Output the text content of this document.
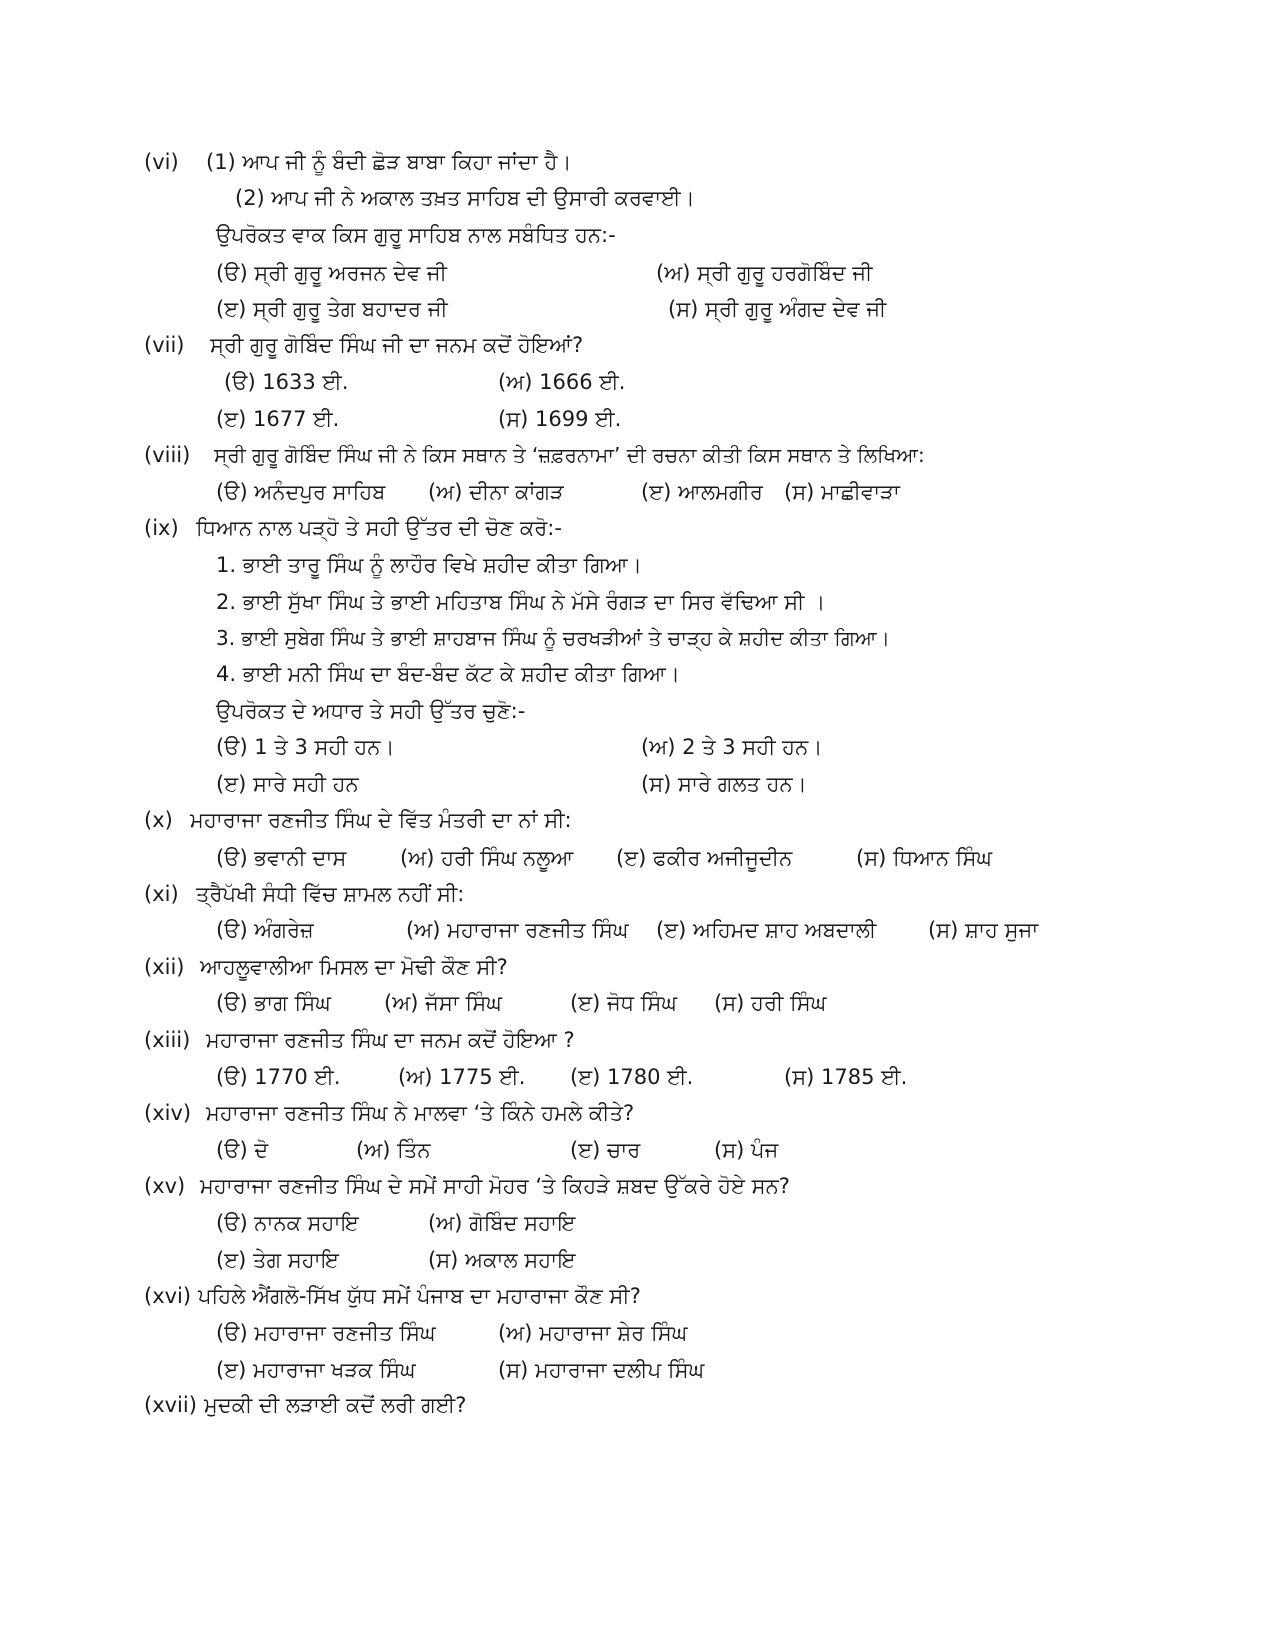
(vi) (1) ਆਪ ਜੀ ਨੂੰ ਬੰਦੀ ਛੋੜ ਬਾਬਾ ਕਿਹਾ ਜਾਂਦਾ ਹੈ।
(2) ਆਪ ਜੀ ਨੇ ਅਕਾਲ ਤਖ਼ਤ ਸਾਹਿਬ ਦੀ ਉਸਾਰੀ ਕਰਵਾਈ।
ਉਪਰੋਕਤ ਵਾਕ ਕਿਸ ਗੁਰੂ ਸਾਹਿਬ ਨਾਲ ਸਬੰਧਿਤ ਹਨ:-
(ੳ) ਸ੍ਰੀ ਗੁਰੂ ਅਰਜਨ ਦੇਵ ਜੀ	(ਅ) ਸ੍ਰੀ ਗੁਰੂ ਹਰਗੋਬਿੰਦ ਜੀ
(ੲ) ਸ੍ਰੀ ਗੁਰੂ ਤੇਗ ਬਹਾਦਰ ਜੀ	(ਸ) ਸ੍ਰੀ ਗੁਰੂ ਅੰਗਦ ਦੇਵ ਜੀ
(vii) ਸ੍ਰੀ ਗੁਰੂ ਗੋਬਿੰਦ ਸਿੰਘ ਜੀ ਦਾ ਜਨਮ ਕਦੋਂ ਹੋਇਆਂ?
(ੳ) 1633 ਈ.	(ਅ) 1666 ਈ.
(ੲ) 1677 ਈ.	(ਸ) 1699 ਈ.
(viii) ਸ੍ਰੀ ਗੁਰੂ ਗੋਬਿੰਦ ਸਿੰਘ ਜੀ ਨੇ ਕਿਸ ਸਥਾਨ ਤੇ ‘ਜ਼ਫ਼ਰਨਾਮਾ’ ਦੀ ਰਚਨਾ ਕੀਤੀ ਕਿਸ ਸਥਾਨ ਤੇ ਲਿਖਿਆ:
(ੳ) ਅਨੰਦਪੁਰ ਸਾਹਿਬ (ਅ) ਦੀਨਾ ਕਾਂਗੜ	(ੲ) ਆਲਮਗੀਰ (ਸ) ਮਾਛੀਵਾੜਾ
(ix) ਧਿਆਨ ਨਾਲ ਪੜ੍ਹੋ ਤੇ ਸਹੀ ਉੱਤਰ ਦੀ ਚੋਣ ਕਰੋ:-
1. ਭਾਈ ਤਾਰੂ ਸਿੰਘ ਨੂੰ ਲਾਹੌਰ ਵਿਖੇ ਸ਼ਹੀਦ ਕੀਤਾ ਗਿਆ।
2. ਭਾਈ ਸੁੱਖਾ ਸਿੰਘ ਤੇ ਭਾਈ ਮਹਿਤਾਬ ਸਿੰਘ ਨੇ ਮੱਸੇ ਰੰਗੜ ਦਾ ਸਿਰ ਵੱਢਿਆ ਸੀ ।
3. ਭਾਈ ਸੁਬੇਗ ਸਿੰਘ ਤੇ ਭਾਈ ਸ਼ਾਹਬਾਜ ਸਿੰਘ ਨੂੰ ਚਰਖੜੀਆਂ ਤੇ ਚਾੜ੍ਹ ਕੇ ਸ਼ਹੀਦ ਕੀਤਾ ਗਿਆ।
4. ਭਾਈ ਮਨੀ ਸਿੰਘ ਦਾ ਬੰਦ-ਬੰਦ ਕੱਟ ਕੇ ਸ਼ਹੀਦ ਕੀਤਾ ਗਿਆ।
ਉਪਰੋਕਤ ਦੇ ਅਧਾਰ ਤੇ ਸਹੀ ਉੱਤਰ ਚੁਣੋ:-
(ੳ) 1 ਤੇ 3 ਸਹੀ ਹਨ।	(ਅ) 2 ਤੇ 3 ਸਹੀ ਹਨ।
(ੲ) ਸਾਰੇ ਸਹੀ ਹਨ	(ਸ) ਸਾਰੇ ਗਲਤ ਹਨ।
(x) ਮਹਾਰਾਜਾ ਰਣਜੀਤ ਸਿੰਘ ਦੇ ਵਿੱਤ ਮੰਤਰੀ ਦਾ ਨਾਂ ਸੀ:
(ੳ) ਭਵਾਨੀ ਦਾਸ	(ਅ) ਹਰੀ ਸਿੰਘ ਨਲੂਆ (ੲ) ਫਕੀਰ ਅਜੀਜੂਦੀਨ	(ਸ) ਧਿਆਨ ਸਿੰਘ
(xi) ਤ੍ਰੈਪੱਖੀ ਸੰਧੀ ਵਿੱਚ ਸ਼ਾਮਲ ਨਹੀਂ ਸੀ:
(ੳ) ਅੰਗਰੇਜ਼	(ਅ) ਮਹਾਰਾਜਾ ਰਣਜੀਤ ਸਿੰਘ (ੲ) ਅਹਿਮਦ ਸ਼ਾਹ ਅਬਦਾਲੀ (ਸ) ਸ਼ਾਹ ਸੁਜਾ
(xii) ਆਹਲੂਵਾਲੀਆ ਮਿਸਲ ਦਾ ਮੋਢੀ ਕੌਣ ਸੀ?
(ੳ) ਭਾਗ ਸਿੰਘ	(ਅ) ਜੱਸਾ ਸਿੰਘ	(ੲ) ਜੋਧ ਸਿੰਘ (ਸ) ਹਰੀ ਸਿੰਘ
(xiii) ਮਹਾਰਾਜਾ ਰਣਜੀਤ ਸਿੰਘ ਦਾ ਜਨਮ ਕਦੋਂ ਹੋਇਆ ?
(ੳ) 1770 ਈ.	(ਅ) 1775 ਈ. (ੲ) 1780 ਈ.	(ਸ) 1785 ਈ.
(xiv) ਮਹਾਰਾਜਾ ਰਣਜੀਤ ਸਿੰਘ ਨੇ ਮਾਲਵਾ ‘ਤੇ ਕਿੰਨੇ ਹਮਲੇ ਕੀਤੇ?
(ੳ) ਦੋ	(ਅ) ਤਿੰਨ	(ੲ) ਚਾਰ	(ਸ) ਪੰਜ
(xv) ਮਹਾਰਾਜਾ ਰਣਜੀਤ ਸਿੰਘ ਦੇ ਸਮੇਂ ਸਾਹੀ ਮੋਹਰ ‘ਤੇ ਕਿਹੜੇ ਸ਼ਬਦ ਉੱਕਰੇ ਹੋਏ ਸਨ?
(ੳ) ਨਾਨਕ ਸਹਾਇ	(ਅ) ਗੋਬਿੰਦ ਸਹਾਇ
(ੲ) ਤੇਗ ਸਹਾਇ	(ਸ) ਅਕਾਲ ਸਹਾਇ
(xvi) ਪਹਿਲੇ ਐਂਗਲੋ-ਸਿੱਖ ਯੁੱਧ ਸਮੇਂ ਪੰਜਾਬ ਦਾ ਮਹਾਰਾਜਾ ਕੌਣ ਸੀ?
(ੳ) ਮਹਾਰਾਜਾ ਰਣਜੀਤ ਸਿੰਘ	(ਅ) ਮਹਾਰਾਜਾ ਸ਼ੇਰ ਸਿੰਘ
(ੲ) ਮਹਾਰਾਜਾ ਖੜਕ ਸਿੰਘ	(ਸ) ਮਹਾਰਾਜਾ ਦਲੀਪ ਸਿੰਘ
(xvii) ਮੁਦਕੀ ਦੀ ਲੜਾਈ ਕਦੋਂ ਲਰੀ ਗਈ?
